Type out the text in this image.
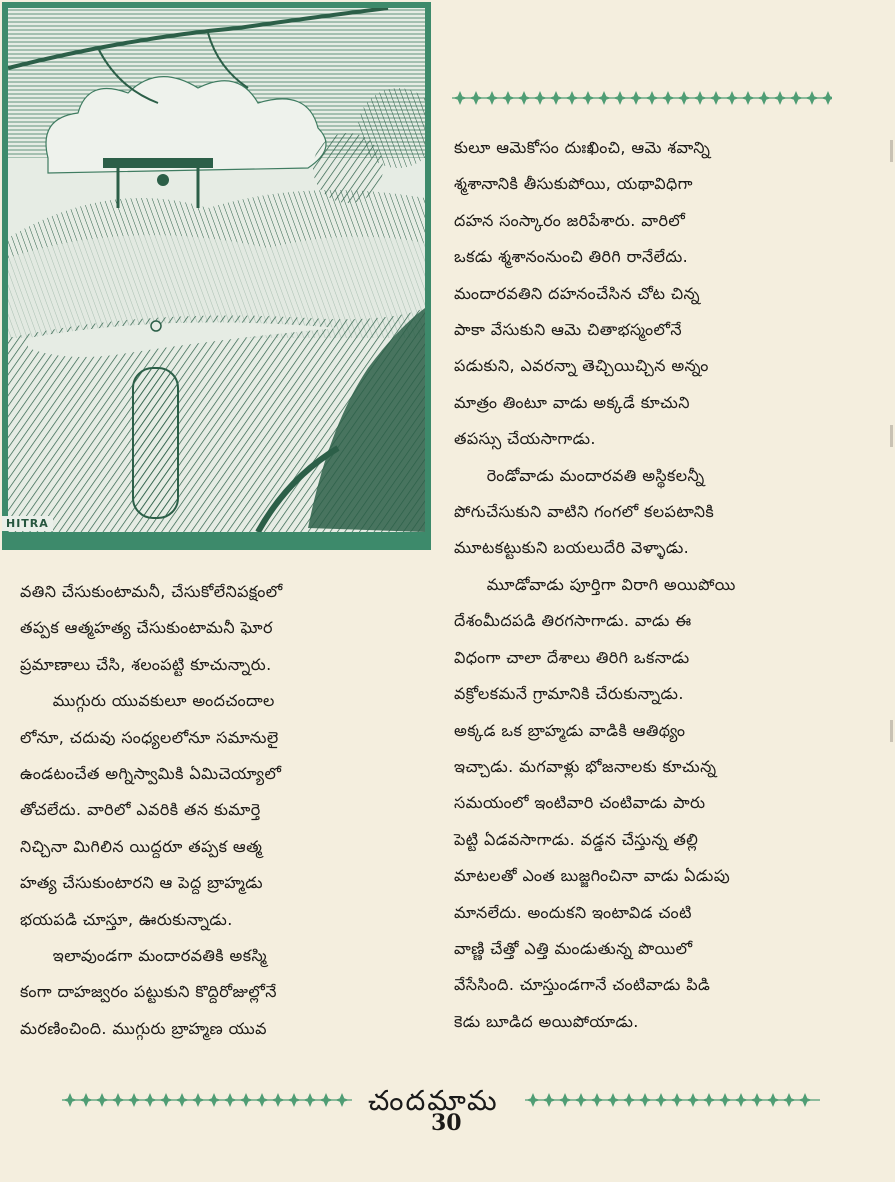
HITRA

కులూ ఆమెకోసం దుఃఖించి, ఆమె శవాన్ని

శ్మశానానికి తీసుకుపోయి, యథావిధిగా

దహన సంస్కారం జరిపేశారు. వారిలో

ఒకడు శ్మశానంనుంచి తిరిగి రానేలేదు.

మందారవతిని దహనంచేసిన చోట చిన్న

పాకా వేసుకుని ఆమె చితాభస్మంలోనే

పడుకుని, ఎవరన్నా తెచ్చియిచ్చిన అన్నం

మాత్రం తింటూ వాడు అక్కడే కూచుని

తపస్సు చేయసాగాడు.

  రెండోవాడు మందారవతి అస్థికలన్నీ

పోగుచేసుకుని వాటిని గంగలో కలపటానికి

మూటకట్టుకుని బయలుదేరి వెళ్ళాడు.

  మూడోవాడు పూర్తిగా విరాగి అయిపోయి

దేశంమీదపడి తిరగసాగాడు. వాడు ఈ

విధంగా చాలా దేశాలు తిరిగి ఒకనాడు

వక్రోలకమనే గ్రామానికి చేరుకున్నాడు.

అక్కడ ఒక బ్రాహ్మడు వాడికి ఆతిథ్యం

ఇచ్చాడు. మగవాళ్లు భోజనాలకు కూచున్న

సమయంలో ఇంటివారి చంటివాడు పారు

పెట్టి ఏడవసాగాడు. వడ్డన చేస్తున్న తల్లి

మాటలతో ఎంత బుజ్జగించినా వాడు ఏడుపు

మానలేదు. అందుకని ఇంటావిడ చంటి

వాణ్ణి చేత్తో ఎత్తి మండుతున్న పొయిలో

వేసేసింది. చూస్తుండగానే చంటివాడు పిడి

కెడు బూడిద అయిపోయాడు.

వతిని చేసుకుంటామనీ, చేసుకోలేనిపక్షంలో

తప్పక ఆత్మహత్య చేసుకుంటామనీ ఘోర

ప్రమాణాలు చేసి, శలంపట్టి కూచున్నారు.

  ముగ్గురు యువకులూ అందచందాల

లోనూ, చదువు సంధ్యలలోనూ సమానులై

ఉండటంచేత అగ్నిస్వామికి ఏమిచెయ్యాలో

తోచలేదు. వారిలో ఎవరికి తన కుమార్తె

నిచ్చినా మిగిలిన యిద్దరూ తప్పక ఆత్మ

హత్య చేసుకుంటారని ఆ పెద్ద బ్రాహ్మడు

భయపడి చూస్తూ, ఊరుకున్నాడు.

  ఇలావుండగా మందారవతికి అకస్మి

కంగా దాహజ్వరం పట్టుకుని కొద్దిరోజుల్లోనే

మరణించింది. ముగ్గురు బ్రాహ్మణ యువ

చందమామ
30
